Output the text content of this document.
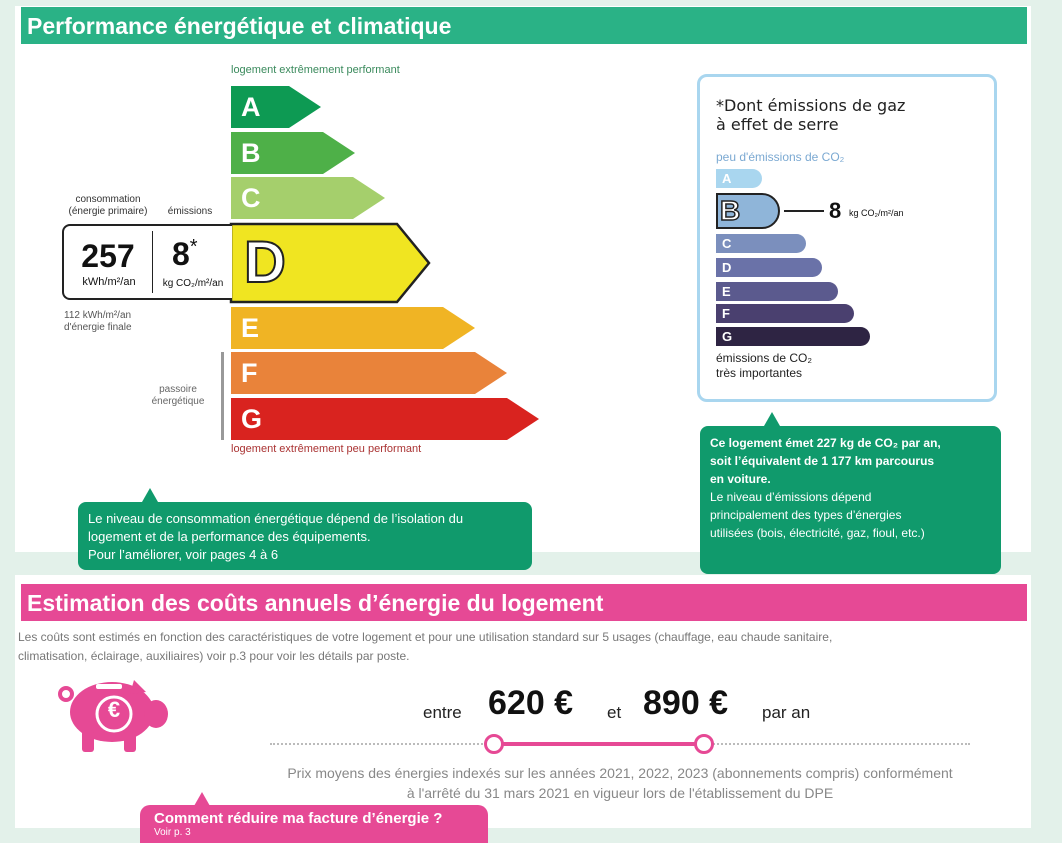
Performance énergétique et climatique
logement extrêmement performant
A
B
C
D
E
F
G
logement extrêmement peu performant
consommation
(énergie primaire)	émissions
257
kWh/m²/an
8*
kg CO₂/m²/an
112 kWh/m²/an
d'énergie finale
passoire
énergétique
Le niveau de consommation énergétique dépend de l’isolation du
logement et de la performance des équipements.
Pour l’améliorer, voir pages 4 à 6
*Dont émissions de gaz
à effet de serre
peu d'émissions de CO₂
A
B	8 kg CO₂/m²/an
C
D
E
F
G
émissions de CO₂
très importantes
Ce logement émet 227 kg de CO₂ par an,
soit l’équivalent de 1 177 km parcourus
en voiture.
Le niveau d’émissions dépend
principalement des types d’énergies
utilisées (bois, électricité, gaz, fioul, etc.)
Estimation des coûts annuels d’énergie du logement
Les coûts sont estimés en fonction des caractéristiques de votre logement et pour une utilisation standard sur 5 usages (chauffage, eau chaude sanitaire,
climatisation, éclairage, auxiliaires) voir p.3 pour voir les détails par poste.
€	entre 620 € et 890 € par an
Prix moyens des énergies indexés sur les années 2021, 2022, 2023 (abonnements compris) conformément
à l'arrêté du 31 mars 2021 en vigueur lors de l'établissement du DPE
Comment réduire ma facture d’énergie ?
Voir p. 3
